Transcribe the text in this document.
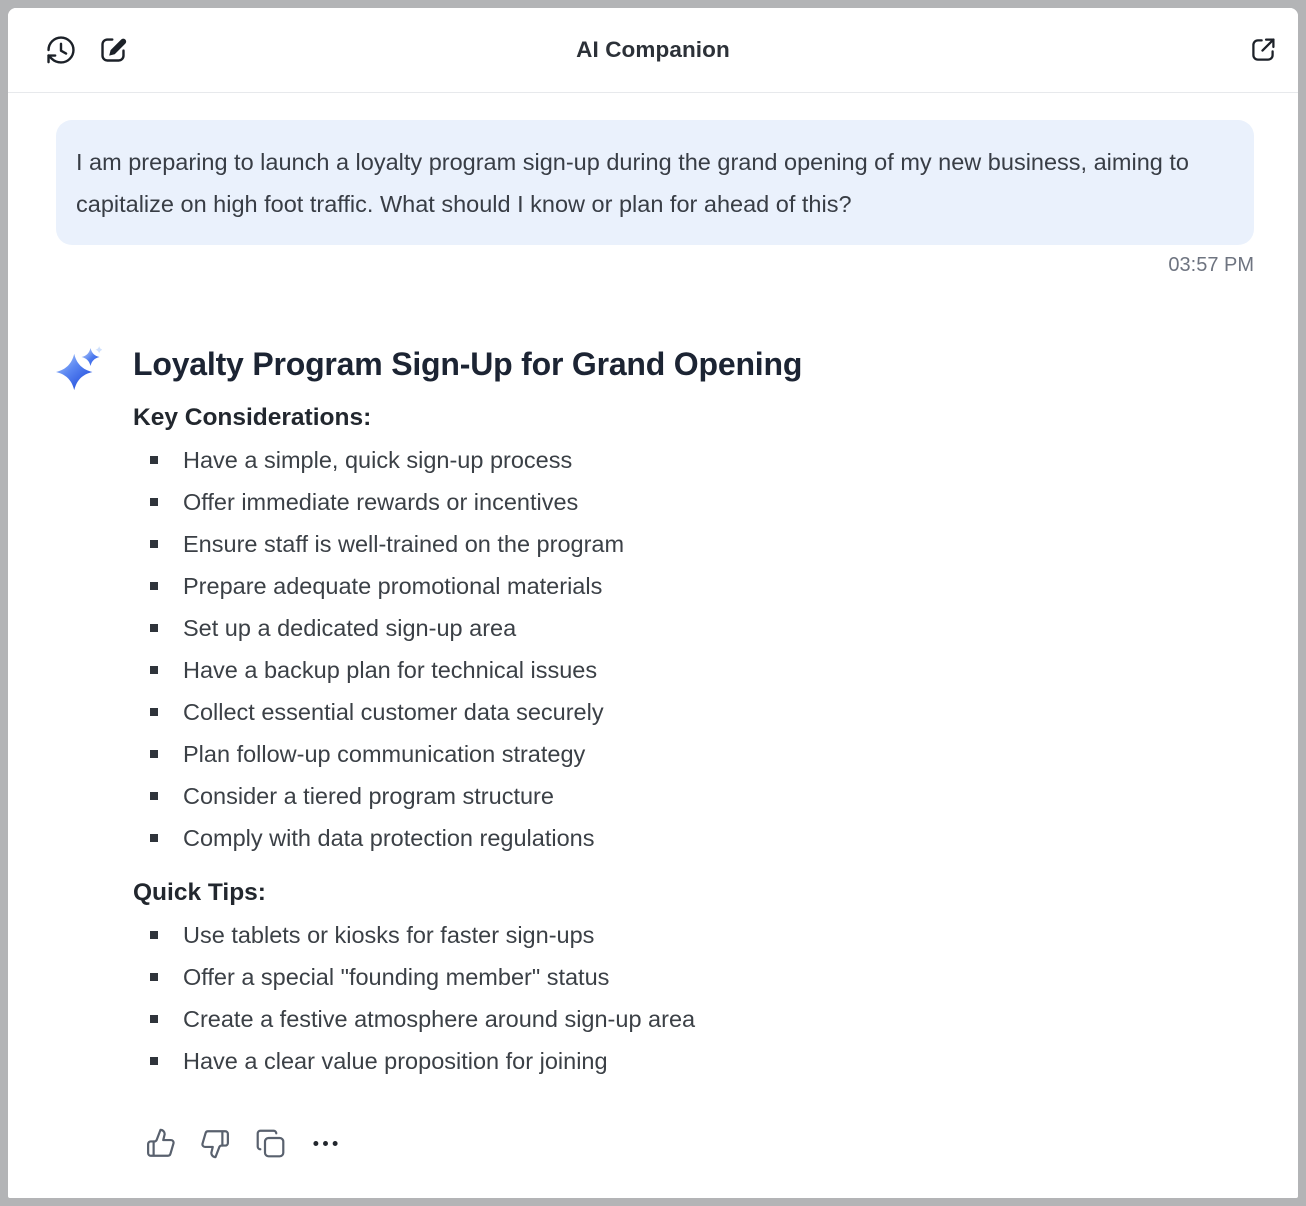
AI Companion
I am preparing to launch a loyalty program sign-up during the grand opening of my new business, aiming to capitalize on high foot traffic. What should I know or plan for ahead of this?
03:57 PM
Loyalty Program Sign-Up for Grand Opening
Key Considerations:
Have a simple, quick sign-up process
Offer immediate rewards or incentives
Ensure staff is well-trained on the program
Prepare adequate promotional materials
Set up a dedicated sign-up area
Have a backup plan for technical issues
Collect essential customer data securely
Plan follow-up communication strategy
Consider a tiered program structure
Comply with data protection regulations
Quick Tips:
Use tablets or kiosks for faster sign-ups
Offer a special "founding member" status
Create a festive atmosphere around sign-up area
Have a clear value proposition for joining
